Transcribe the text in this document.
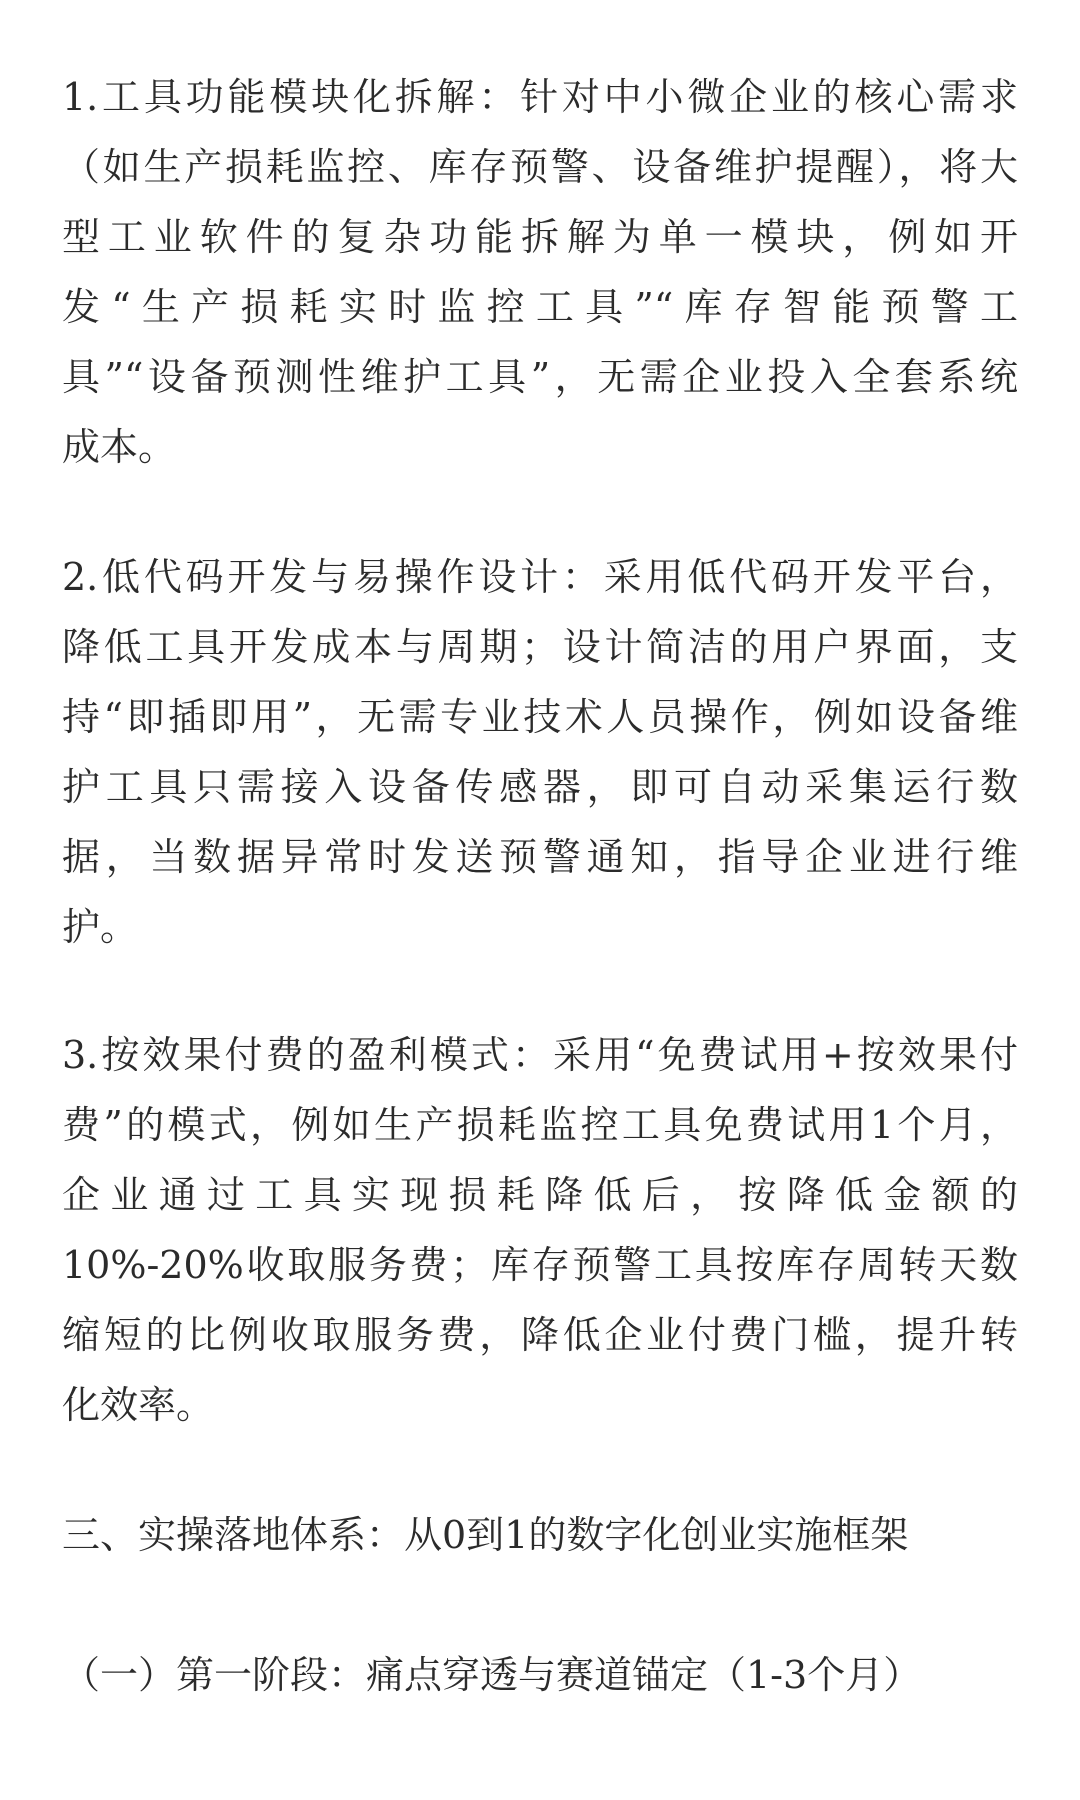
1.工具功能模块化拆解：针对中小微企业的核心需求
（如生产损耗监控、库存预警、设备维护提醒），将大
型工业软件的复杂功能拆解为单一模块，例如开
发“生产损耗实时监控工具”“库存智能预警工
具”“设备预测性维护工具”，无需企业投入全套系统
成本。
2.低代码开发与易操作设计：采用低代码开发平台，
降低工具开发成本与周期；设计简洁的用户界面，支
持“即插即用”，无需专业技术人员操作，例如设备维
护工具只需接入设备传感器，即可自动采集运行数
据，当数据异常时发送预警通知，指导企业进行维
护。
3.按效果付费的盈利模式：采用“免费试用+按效果付
费”的模式，例如生产损耗监控工具免费试用1个月，
企业通过工具实现损耗降低后，按降低金额的
10%-20%收取服务费；库存预警工具按库存周转天数
缩短的比例收取服务费，降低企业付费门槛，提升转
化效率。
三、实操落地体系：从0到1的数字化创业实施框架
（一）第一阶段：痛点穿透与赛道锚定（1-3个月）
